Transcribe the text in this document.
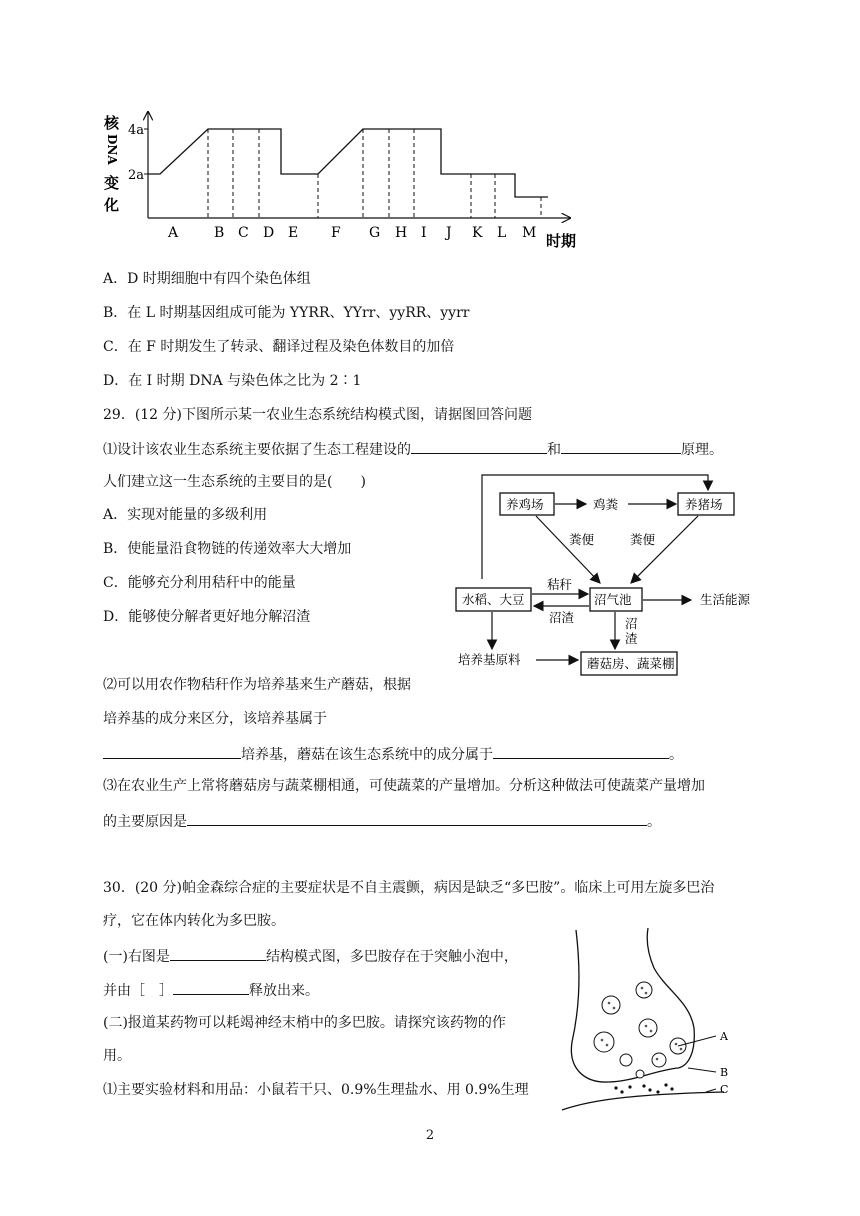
核变化
4a
2a
A	B C D E F G H I J K L M 时期
DNA
A．D 时期细胞中有四个染色体组
B．在 L 时期基因组成可能为 YYRR、YYrr、yyRR、yyrr
C．在 F 时期发生了转录、翻译过程及染色体数目的加倍
D．在 I 时期 DNA 与染色体之比为 2∶1
29．(12 分)下图所示某一农业生态系统结构模式图，请据图回答问题
⑴设计该农业生态系统主要依据了生态工程建设的	和	原理。
人们建立这一生态系统的主要目的是(　　)
A．实现对能量的多级利用
B．使能量沿食物链的传递效率大大增加
C．能够充分利用秸秆中的能量
D．能够使分解者更好地分解沼渣
养鸡场	鸡粪	养猪场
粪便	粪便
水稻、大豆	沼气池
秸秆
沼渣
生活能源
沼
渣
培养基原料	蘑菇房、蔬菜棚
⑵可以用农作物秸秆作为培养基来生产蘑菇，根据
培养基的成分来区分，该培养基属于
培养基，蘑菇在该生态系统中的成分属于	。
⑶在农业生产上常将蘑菇房与蔬菜棚相通，可使蔬菜的产量增加。分析这种做法可使蔬菜产量增加
的主要原因是	。
30．(20 分)帕金森综合症的主要症状是不自主震颤，病因是缺乏“多巴胺”。临床上可用左旋多巴治
疗，它在体内转化为多巴胺。
(一)右图是	结构模式图，多巴胺存在于突触小泡中，
并由［　］	释放出来。
(二)报道某药物可以耗竭神经末梢中的多巴胺。请探究该药物的作
用。
⑴主要实验材料和用品：小鼠若干只、0.9%生理盐水、用 0.9%生理
A
B
C
2
